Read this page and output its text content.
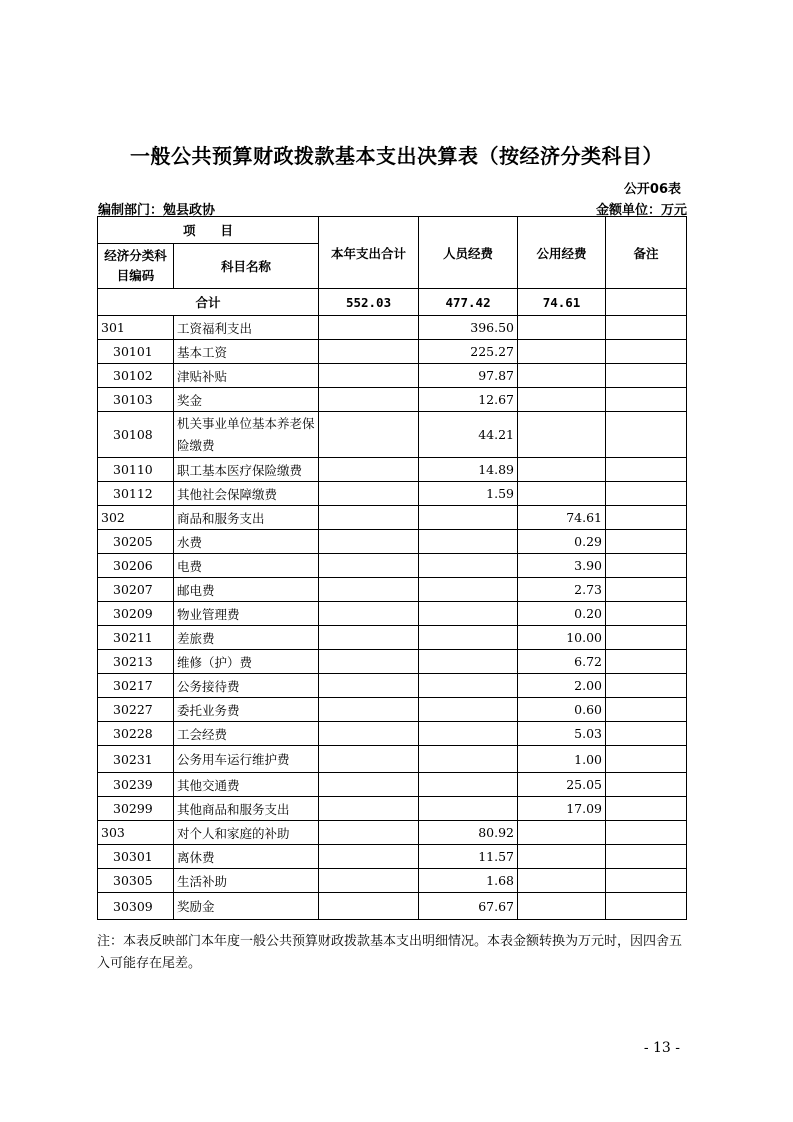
一般公共预算财政拨款基本支出决算表（按经济分类科目）
公开06表
编制部门：勉县政协	金额单位：万元
项　　目		本年支出合计	人员经费	公用经费	备注
经济分类科目编码	科目名称				
合计		552.03	477.42	74.61	
301	工资福利支出		396.50		
30101	基本工资		225.27		
30102	津贴补贴		97.87		
30103	奖金		12.67		
30108	机关事业单位基本养老保险缴费		44.21		
30110	职工基本医疗保险缴费		14.89		
30112	其他社会保障缴费		1.59		
302	商品和服务支出			74.61	
30205	水费			0.29	
30206	电费			3.90	
30207	邮电费			2.73	
30209	物业管理费			0.20	
30211	差旅费			10.00	
30213	维修（护）费			6.72	
30217	公务接待费			2.00	
30227	委托业务费			0.60	
30228	工会经费			5.03	
30231	公务用车运行维护费			1.00	
30239	其他交通费			25.05	
30299	其他商品和服务支出			17.09	
303	对个人和家庭的补助		80.92		
30301	离休费		11.57		
30305	生活补助		1.68		
30309	奖励金		67.67		
注：本表反映部门本年度一般公共预算财政拨款基本支出明细情况。本表金额转换为万元时，因四舍五入可能存在尾差。
- 13 -
